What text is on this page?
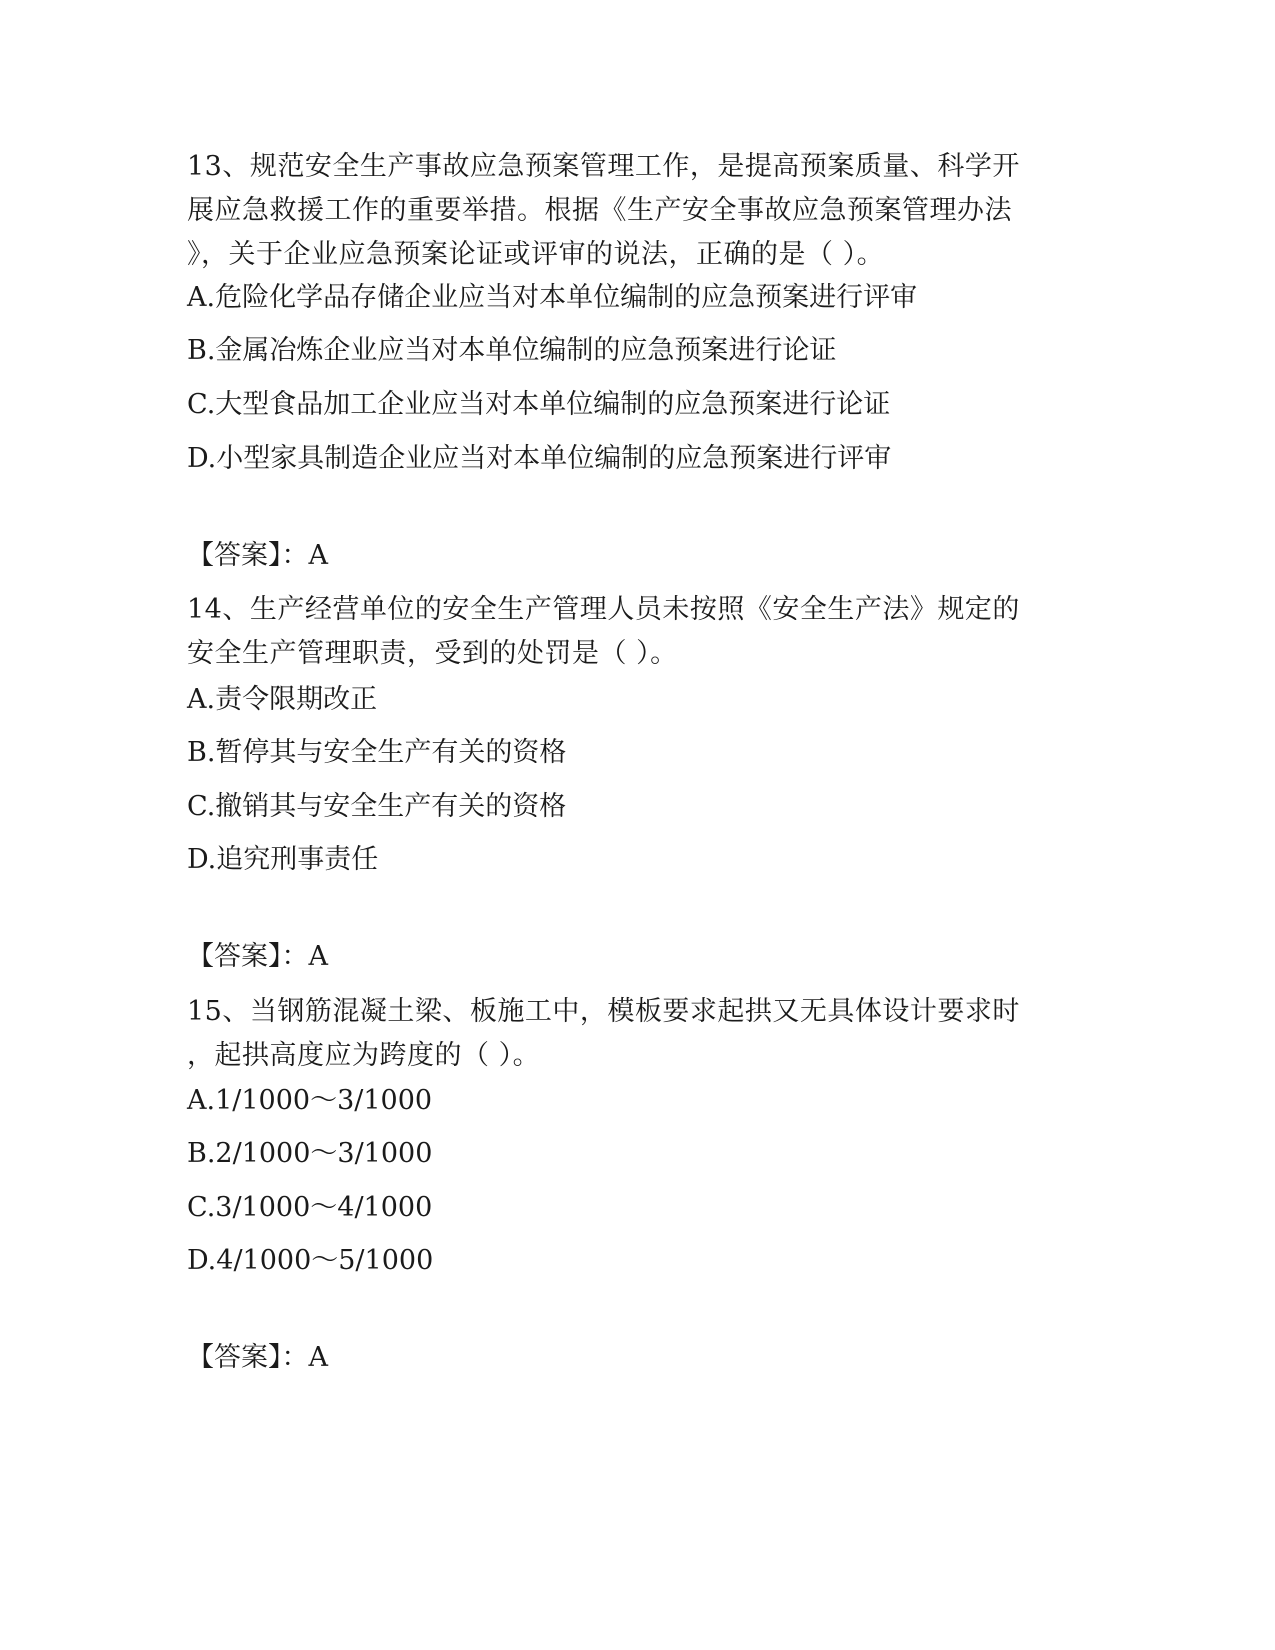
13、规范安全生产事故应急预案管理工作，是提高预案质量、科学开
展应急救援工作的重要举措。根据《生产安全事故应急预案管理办法
》，关于企业应急预案论证或评审的说法，正确的是（ ）。

A.危险化学品存储企业应当对本单位编制的应急预案进行评审

B.金属冶炼企业应当对本单位编制的应急预案进行论证

C.大型食品加工企业应当对本单位编制的应急预案进行论证

D.小型家具制造企业应当对本单位编制的应急预案进行评审

【答案】：A

14、生产经营单位的安全生产管理人员未按照《安全生产法》规定的
安全生产管理职责，受到的处罚是（ ）。

A.责令限期改正

B.暂停其与安全生产有关的资格

C.撤销其与安全生产有关的资格

D.追究刑事责任

【答案】：A

15、当钢筋混凝土梁、板施工中，模板要求起拱又无具体设计要求时
，起拱高度应为跨度的（ ）。

A.1/1000～3/1000

B.2/1000～3/1000

C.3/1000～4/1000

D.4/1000～5/1000

【答案】：A
